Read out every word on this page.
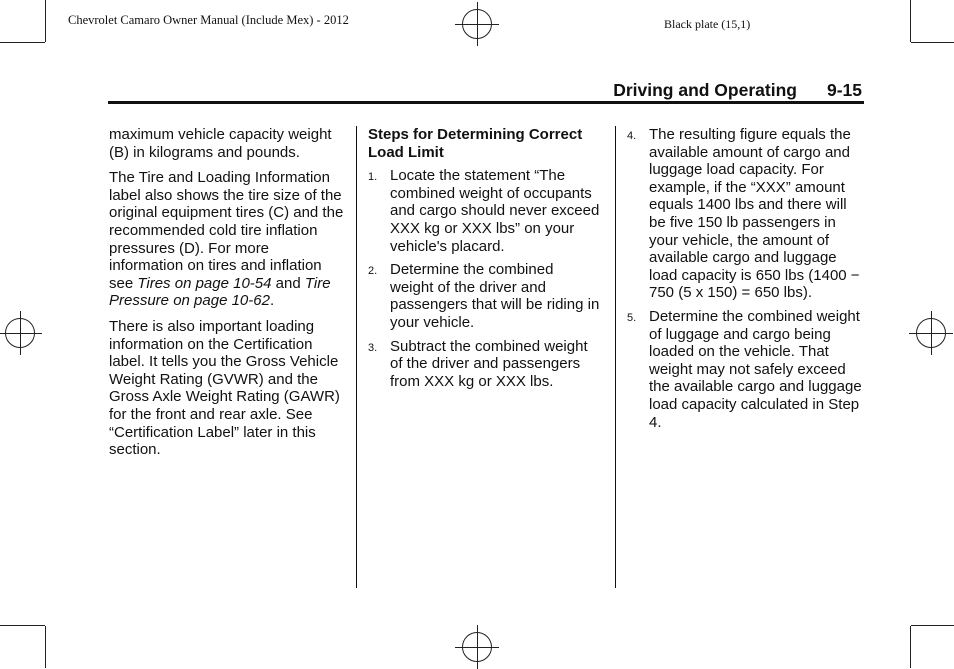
Chevrolet Camaro Owner Manual (Include Mex) - 2012	Black plate (15,1)
Driving and Operating 9-15

maximum vehicle capacity weight (B) in kilograms and pounds.

The Tire and Loading Information label also shows the tire size of the original equipment tires (C) and the recommended cold tire inflation pressures (D). For more information on tires and inflation see Tires on page 10-54 and Tire Pressure on page 10-62.

There is also important loading information on the Certification label. It tells you the Gross Vehicle Weight Rating (GVWR) and the Gross Axle Weight Rating (GAWR) for the front and rear axle. See “Certification Label” later in this section.

Steps for Determining Correct Load Limit
1. Locate the statement “The combined weight of occupants and cargo should never exceed XXX kg or XXX lbs” on your vehicle's placard.
2. Determine the combined weight of the driver and passengers that will be riding in your vehicle.
3. Subtract the combined weight of the driver and passengers from XXX kg or XXX lbs.
4. The resulting figure equals the available amount of cargo and luggage load capacity. For example, if the “XXX” amount equals 1400 lbs and there will be five 150 lb passengers in your vehicle, the amount of available cargo and luggage load capacity is 650 lbs (1400 − 750 (5 x 150) = 650 lbs).
5. Determine the combined weight of luggage and cargo being loaded on the vehicle. That weight may not safely exceed the available cargo and luggage load capacity calculated in Step 4.
